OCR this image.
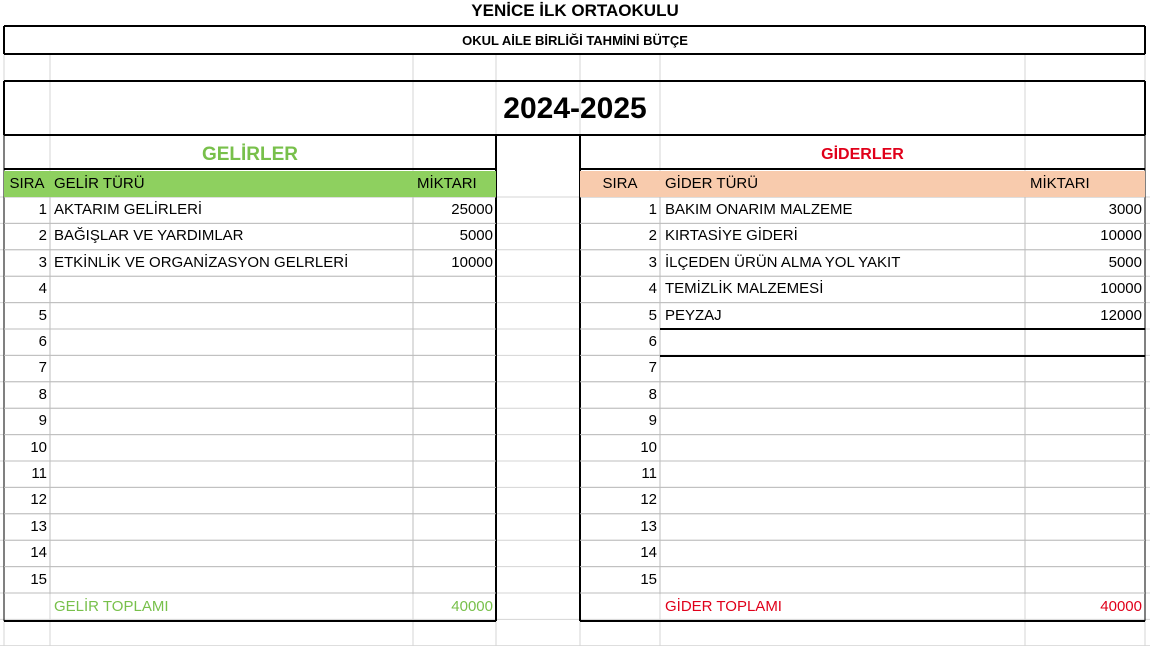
YENİCE İLK ORTAOKULU
OKUL AİLE BİRLİĞİ TAHMİNİ BÜTÇE
2024-2025
GELİRLER
SIRA GELİR TÜRÜ	MİKTARI
1 AKTARIM GELİRLERİ	25000
2 BAĞIŞLAR VE YARDIMLAR	5000
3 ETKİNLİK VE ORGANİZASYON GELRLERİ	10000
4
5
6
7
8
9
10
11
12
13
14
15
GELİR TOPLAMI	40000
GİDERLER
SIRA	GİDER TÜRÜ	MİKTARI
1 BAKIM ONARIM MALZEME	3000
2 KIRTASİYE GİDERİ	10000
3 İLÇEDEN ÜRÜN ALMA YOL YAKIT	5000
4 TEMİZLİK MALZEMESİ	10000
5 PEYZAJ	12000
6
7
8
9
10
11
12
13
14
15
GİDER TOPLAMI	40000
